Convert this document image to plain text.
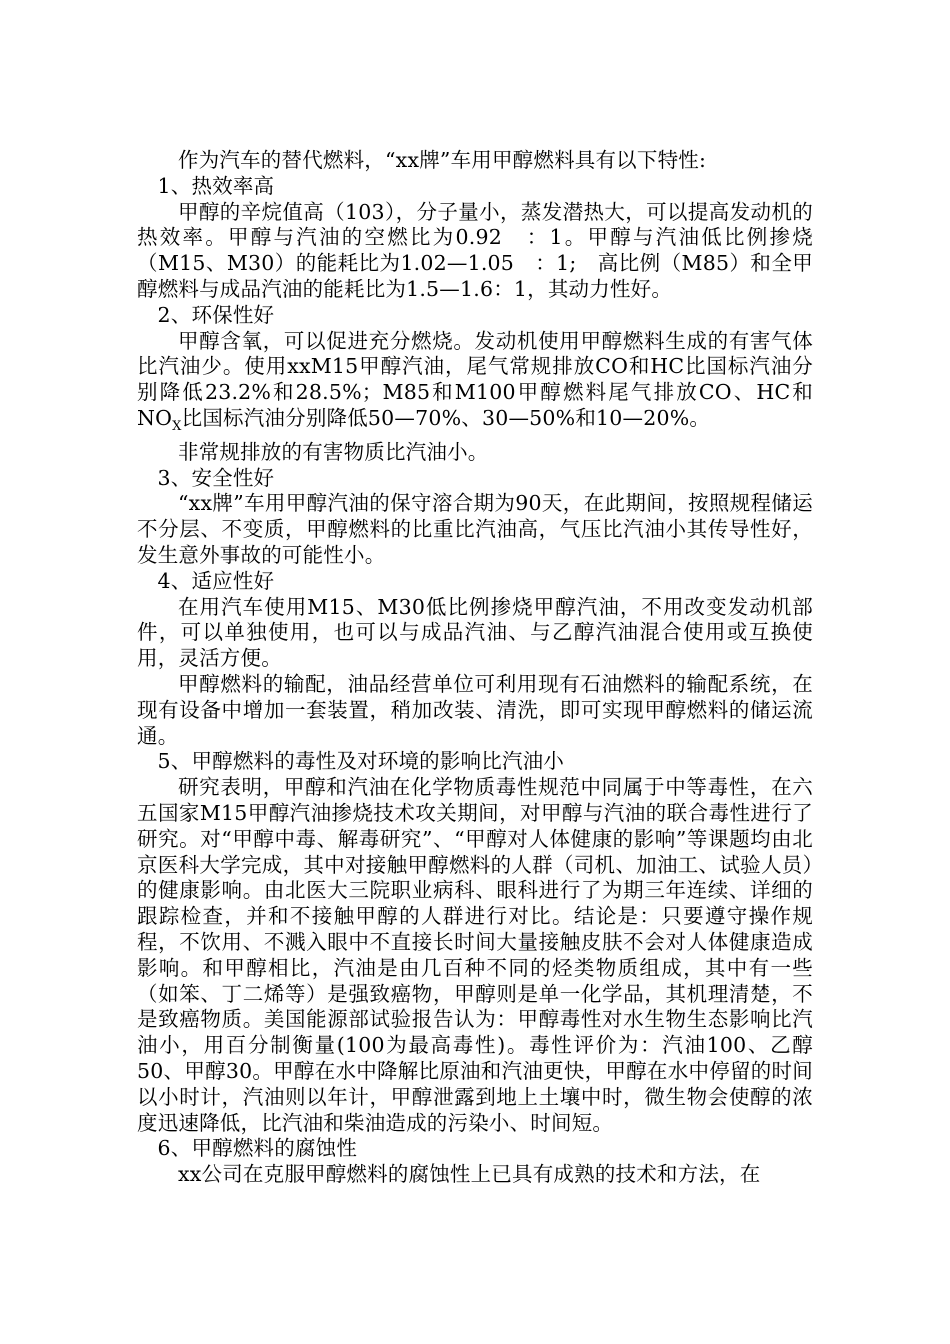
作为汽车的替代燃料，“xx牌”车用甲醇燃料具有以下特性:

1、热效率高

甲醇的辛烷值高（103），分子量小，蒸发潜热大，可以提高发动机的热效率。甲醇与汽油的空燃比为0.92　：1。甲醇与汽油低比例掺烧（M15、M30）的能耗比为1.02—1.05　：1;　高比例（M85）和全甲醇燃料与成品汽油的能耗比为1.5—1.6：1，其动力性好。

2、环保性好

甲醇含氧，可以促进充分燃烧。发动机使用甲醇燃料生成的有害气体比汽油少。使用xxM15甲醇汽油，尾气常规排放CO和HC比国标汽油分别降低23.2%和28.5%；M85和M100甲醇燃料尾气排放CO、HC和$NO_X$比国标汽油分别降低50—70%、30—50%和10—20%。

非常规排放的有害物质比汽油小。

3、安全性好

“xx牌”车用甲醇汽油的保守溶合期为90天，在此期间，按照规程储运不分层、不变质，甲醇燃料的比重比汽油高，气压比汽油小其传导性好，发生意外事故的可能性小。

4、适应性好

在用汽车使用M15、M30低比例掺烧甲醇汽油，不用改变发动机部件，可以单独使用，也可以与成品汽油、与乙醇汽油混合使用或互换使用，灵活方便。

甲醇燃料的输配，油品经营单位可利用现有石油燃料的输配系统，在现有设备中增加一套装置，稍加改装、清洗，即可实现甲醇燃料的储运流通。

5、甲醇燃料的毒性及对环境的影响比汽油小

研究表明，甲醇和汽油在化学物质毒性规范中同属于中等毒性，在六五国家M15甲醇汽油掺烧技术攻关期间，对甲醇与汽油的联合毒性进行了研究。对“甲醇中毒、解毒研究”、“甲醇对人体健康的影响”等课题均由北京医科大学完成，其中对接触甲醇燃料的人群（司机、加油工、试验人员）的健康影响。由北医大三院职业病科、眼科进行了为期三年连续、详细的跟踪检查，并和不接触甲醇的人群进行对比。结论是：只要遵守操作规程，不饮用、不溅入眼中不直接长时间大量接触皮肤不会对人体健康造成影响。和甲醇相比，汽油是由几百种不同的烃类物质组成，其中有一些（如笨、丁二烯等）是强致癌物，甲醇则是单一化学品，其机理清楚，不是致癌物质。美国能源部试验报告认为：甲醇毒性对水生物生态影响比汽油小，用百分制衡量(100为最高毒性)。毒性评价为：汽油100、乙醇50、甲醇30。甲醇在水中降解比原油和汽油更快，甲醇在水中停留的时间以小时计，汽油则以年计，甲醇泄露到地上土壤中时，微生物会使醇的浓度迅速降低，比汽油和柴油造成的污染小、时间短。

6、甲醇燃料的腐蚀性

xx公司在克服甲醇燃料的腐蚀性上已具有成熟的技术和方法，在
